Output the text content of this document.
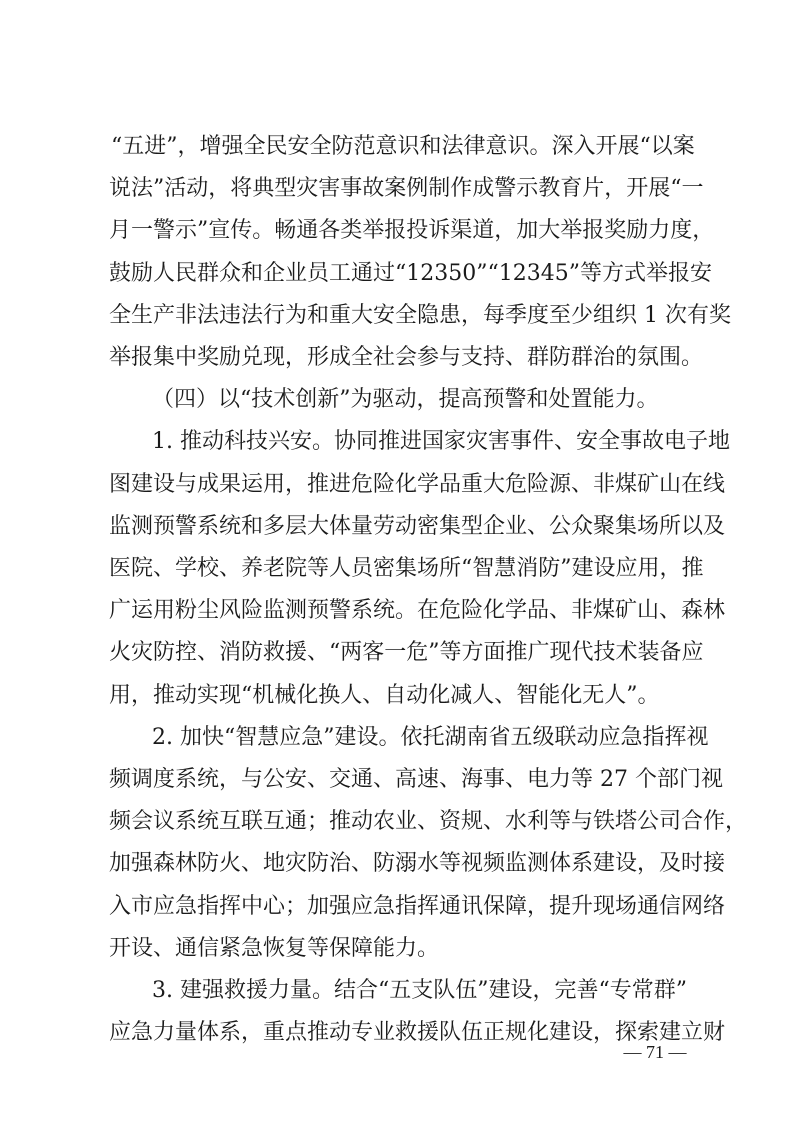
“五进”，增强全民安全防范意识和法律意识。深入开展“以案
说法”活动，将典型灾害事故案例制作成警示教育片，开展“一
月一警示”宣传。畅通各类举报投诉渠道，加大举报奖励力度，
鼓励人民群众和企业员工通过“12350”“12345”等方式举报安
全生产非法违法行为和重大安全隐患，每季度至少组织 1 次有奖
举报集中奖励兑现，形成全社会参与支持、群防群治的氛围。
（四）以“技术创新”为驱动，提高预警和处置能力。
1. 推动科技兴安。协同推进国家灾害事件、安全事故电子地
图建设与成果运用，推进危险化学品重大危险源、非煤矿山在线
监测预警系统和多层大体量劳动密集型企业、公众聚集场所以及
医院、学校、养老院等人员密集场所“智慧消防”建设应用，推
广运用粉尘风险监测预警系统。在危险化学品、非煤矿山、森林
火灾防控、消防救援、“两客一危”等方面推广现代技术装备应
用，推动实现“机械化换人、自动化减人、智能化无人”。
2. 加快“智慧应急”建设。依托湖南省五级联动应急指挥视
频调度系统，与公安、交通、高速、海事、电力等 27 个部门视
频会议系统互联互通；推动农业、资规、水利等与铁塔公司合作，
加强森林防火、地灾防治、防溺水等视频监测体系建设，及时接
入市应急指挥中心；加强应急指挥通讯保障，提升现场通信网络
开设、通信紧急恢复等保障能力。
3. 建强救援力量。结合“五支队伍”建设，完善“专常群”
应急力量体系，重点推动专业救援队伍正规化建设，探索建立财
— 71 —
